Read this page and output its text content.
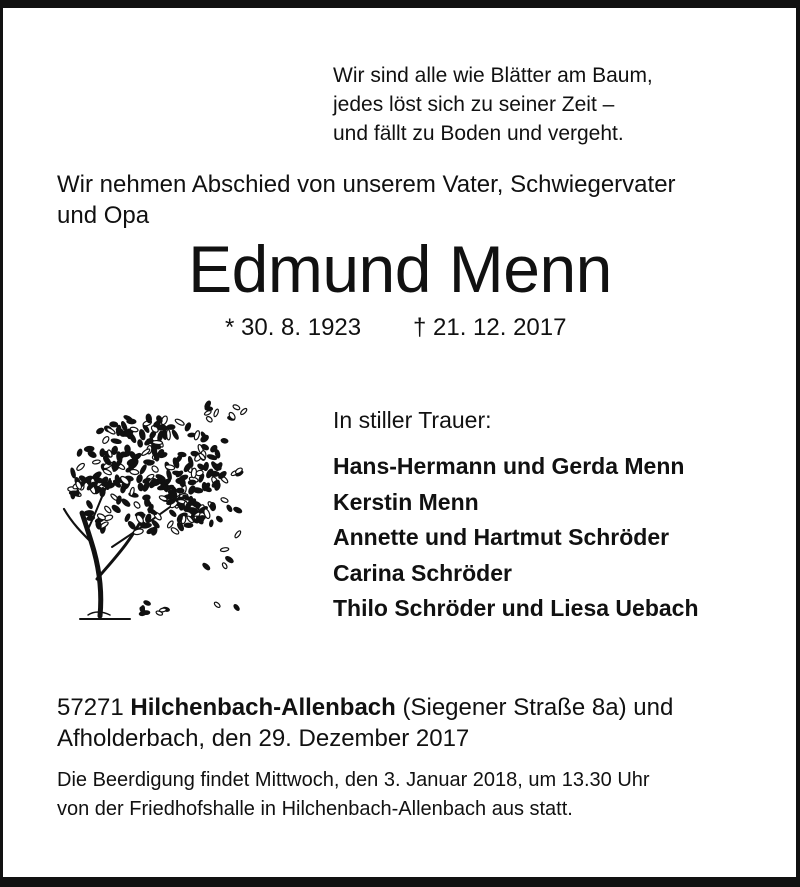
Wir sind alle wie Blätter am Baum,
jedes löst sich zu seiner Zeit –
und fällt zu Boden und vergeht.
Wir nehmen Abschied von unserem Vater, Schwiegervater
und Opa
Edmund Menn
* 30. 8. 1923 † 21. 12. 2017
In stiller Trauer:
Hans-Hermann und Gerda Menn
Kerstin Menn
Annette und Hartmut Schröder
Carina Schröder
Thilo Schröder und Liesa Uebach
57271 Hilchenbach-Allenbach (Siegener Straße 8a) und
Afholderbach, den 29. Dezember 2017
Die Beerdigung findet Mittwoch, den 3. Januar 2018, um 13.30 Uhr
von der Friedhofshalle in Hilchenbach-Allenbach aus statt.
